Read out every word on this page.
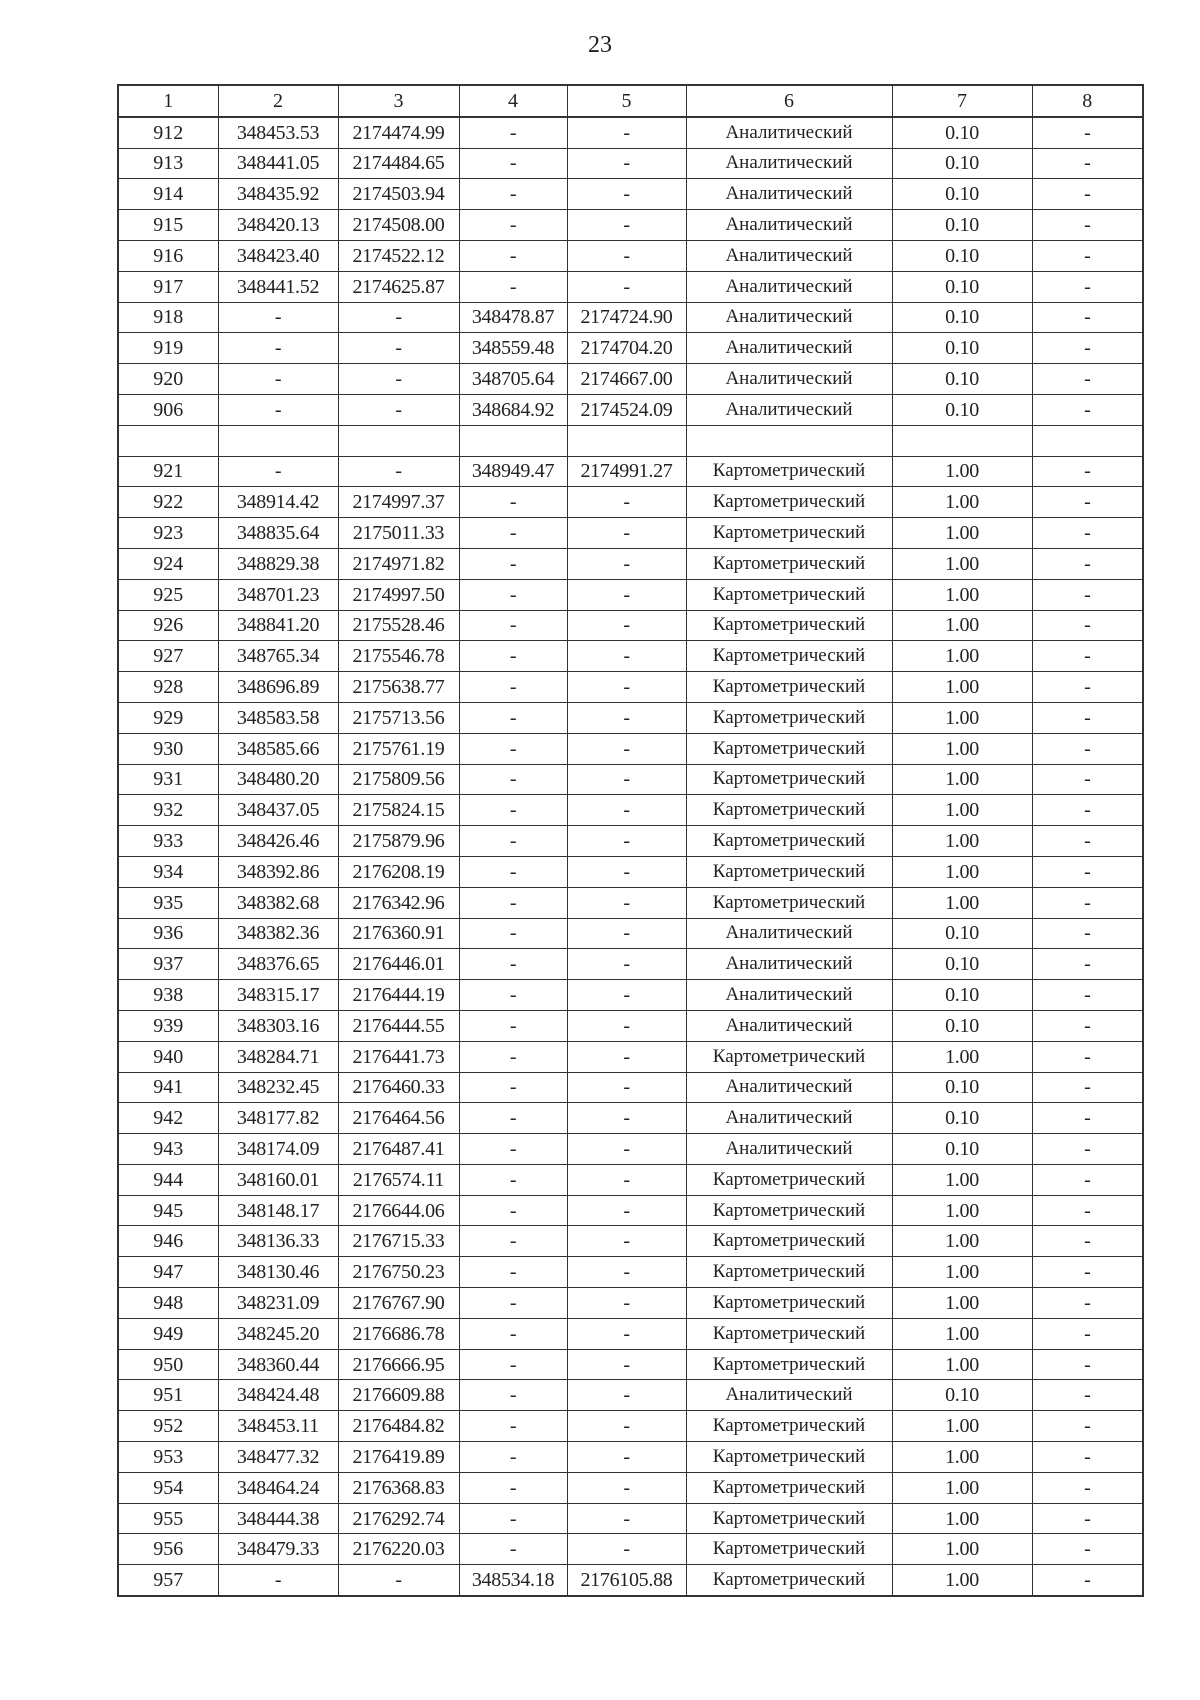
23
1	2	3	4	5	6	7	8
912	348453.53	2174474.99	-	-	Аналитический	0.10	-
913	348441.05	2174484.65	-	-	Аналитический	0.10	-
914	348435.92	2174503.94	-	-	Аналитический	0.10	-
915	348420.13	2174508.00	-	-	Аналитический	0.10	-
916	348423.40	2174522.12	-	-	Аналитический	0.10	-
917	348441.52	2174625.87	-	-	Аналитический	0.10	-
918	-	-	348478.87	2174724.90	Аналитический	0.10	-
919	-	-	348559.48	2174704.20	Аналитический	0.10	-
920	-	-	348705.64	2174667.00	Аналитический	0.10	-
906	-	-	348684.92	2174524.09	Аналитический	0.10	-

921	-	-	348949.47	2174991.27	Картометрический	1.00	-
922	348914.42	2174997.37	-	-	Картометрический	1.00	-
923	348835.64	2175011.33	-	-	Картометрический	1.00	-
924	348829.38	2174971.82	-	-	Картометрический	1.00	-
925	348701.23	2174997.50	-	-	Картометрический	1.00	-
926	348841.20	2175528.46	-	-	Картометрический	1.00	-
927	348765.34	2175546.78	-	-	Картометрический	1.00	-
928	348696.89	2175638.77	-	-	Картометрический	1.00	-
929	348583.58	2175713.56	-	-	Картометрический	1.00	-
930	348585.66	2175761.19	-	-	Картометрический	1.00	-
931	348480.20	2175809.56	-	-	Картометрический	1.00	-
932	348437.05	2175824.15	-	-	Картометрический	1.00	-
933	348426.46	2175879.96	-	-	Картометрический	1.00	-
934	348392.86	2176208.19	-	-	Картометрический	1.00	-
935	348382.68	2176342.96	-	-	Картометрический	1.00	-
936	348382.36	2176360.91	-	-	Аналитический	0.10	-
937	348376.65	2176446.01	-	-	Аналитический	0.10	-
938	348315.17	2176444.19	-	-	Аналитический	0.10	-
939	348303.16	2176444.55	-	-	Аналитический	0.10	-
940	348284.71	2176441.73	-	-	Картометрический	1.00	-
941	348232.45	2176460.33	-	-	Аналитический	0.10	-
942	348177.82	2176464.56	-	-	Аналитический	0.10	-
943	348174.09	2176487.41	-	-	Аналитический	0.10	-
944	348160.01	2176574.11	-	-	Картометрический	1.00	-
945	348148.17	2176644.06	-	-	Картометрический	1.00	-
946	348136.33	2176715.33	-	-	Картометрический	1.00	-
947	348130.46	2176750.23	-	-	Картометрический	1.00	-
948	348231.09	2176767.90	-	-	Картометрический	1.00	-
949	348245.20	2176686.78	-	-	Картометрический	1.00	-
950	348360.44	2176666.95	-	-	Картометрический	1.00	-
951	348424.48	2176609.88	-	-	Аналитический	0.10	-
952	348453.11	2176484.82	-	-	Картометрический	1.00	-
953	348477.32	2176419.89	-	-	Картометрический	1.00	-
954	348464.24	2176368.83	-	-	Картометрический	1.00	-
955	348444.38	2176292.74	-	-	Картометрический	1.00	-
956	348479.33	2176220.03	-	-	Картометрический	1.00	-
957	-	-	348534.18	2176105.88	Картометрический	1.00	-
